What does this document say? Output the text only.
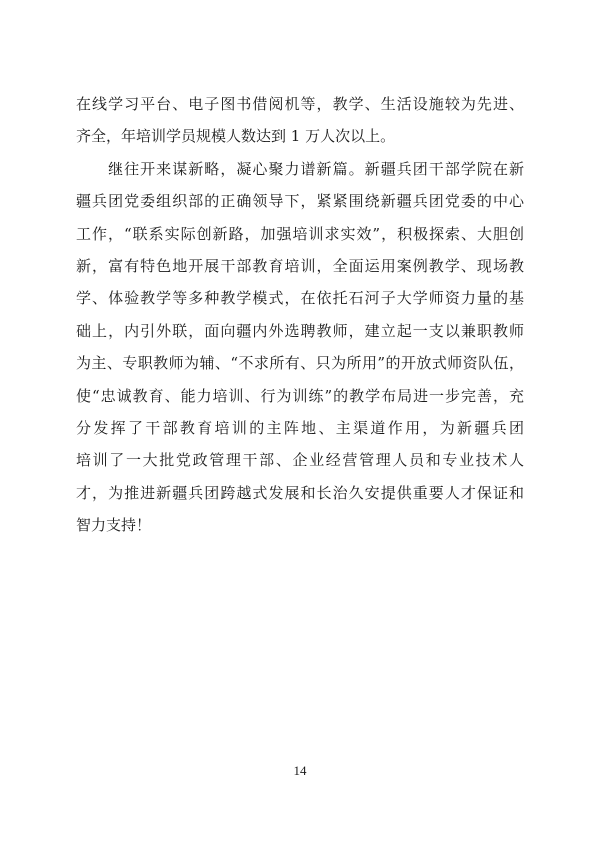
在线学习平台、电子图书借阅机等，教学、生活设施较为先进、
齐全，年培训学员规模人数达到 1 万人次以上。
　　继往开来谋新略，凝心聚力谱新篇。新疆兵团干部学院在新
疆兵团党委组织部的正确领导下，紧紧围绕新疆兵团党委的中心
工作，“联系实际创新路，加强培训求实效”，积极探索、大胆创
新，富有特色地开展干部教育培训，全面运用案例教学、现场教
学、体验教学等多种教学模式，在依托石河子大学师资力量的基
础上，内引外联，面向疆内外选聘教师，建立起一支以兼职教师
为主、专职教师为辅、“不求所有、只为所用”的开放式师资队伍，
使“忠诚教育、能力培训、行为训练”的教学布局进一步完善，充
分发挥了干部教育培训的主阵地、主渠道作用，为新疆兵团
培训了一大批党政管理干部、企业经营管理人员和专业技术人
才，为推进新疆兵团跨越式发展和长治久安提供重要人才保证和
智力支持！
14
